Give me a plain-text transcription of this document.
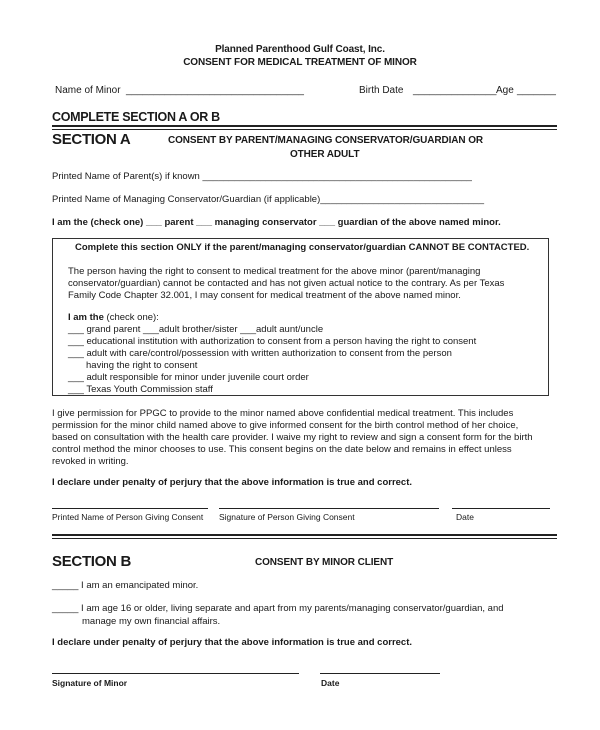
Planned Parenthood Gulf Coast, Inc.
CONSENT FOR MEDICAL TREATMENT OF MINOR
Name of Minor ________________________________	Birth Date _______________ Age _______
COMPLETE SECTION A OR B
SECTION A	CONSENT BY PARENT/MANAGING CONSERVATOR/GUARDIAN OR
OTHER ADULT
Printed Name of Parent(s) if known ___________________________________________________
Printed Name of Managing Conservator/Guardian (if applicable)_______________________________
I am the (check one) ___ parent ___ managing conservator ___ guardian of the above named minor.
Complete this section ONLY if the parent/managing conservator/guardian CANNOT BE CONTACTED.
The person having the right to consent to medical treatment for the above minor (parent/managing
conservator/guardian) cannot be contacted and has not given actual notice to the contrary. As per Texas
Family Code Chapter 32.001, I may consent for medical treatment of the above named minor.
I am the (check one):
___ grand parent ___adult brother/sister ___adult aunt/uncle
___ educational institution with authorization to consent from a person having the right to consent
___ adult with care/control/possession with written authorization to consent from the person
having the right to consent
___ adult responsible for minor under juvenile court order
___ Texas Youth Commission staff
I give permission for PPGC to provide to the minor named above confidential medical treatment. This includes
permission for the minor child named above to give informed consent for the birth control method of her choice,
based on consultation with the health care provider. I waive my right to review and sign a consent form for the birth
control method the minor chooses to use. This consent begins on the date below and remains in effect unless
revoked in writing.
I declare under penalty of perjury that the above information is true and correct.
Printed Name of Person Giving Consent Signature of Person Giving Consent	Date
SECTION B	CONSENT BY MINOR CLIENT
_____ I am an emancipated minor.
_____ I am age 16 or older, living separate and apart from my parents/managing conservator/guardian, and
manage my own financial affairs.
I declare under penalty of perjury that the above information is true and correct.
Signature of Minor	Date
